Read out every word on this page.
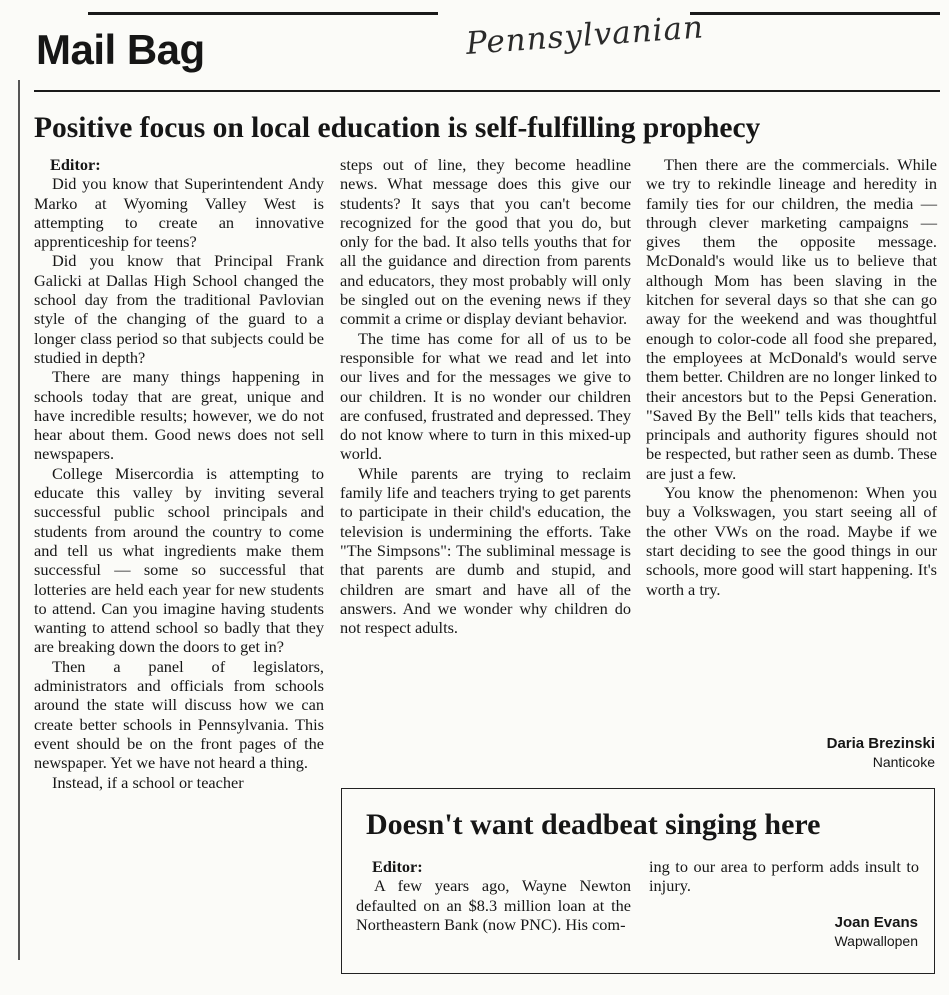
Mail Bag	Pennsylvanian
Positive focus on local education is self-fulfilling prophecy

Editor:

Did you know that Superintendent Andy Marko at Wyoming Valley West is attempting to create an innovative apprenticeship for teens?

Did you know that Principal Frank Galicki at Dallas High School changed the school day from the traditional Pavlovian style of the changing of the guard to a longer class period so that subjects could be studied in depth?

There are many things happening in schools today that are great, unique and have incredible results; however, we do not hear about them. Good news does not sell newspapers.

College Misercordia is attempting to educate this valley by inviting several successful public school principals and students from around the country to come and tell us what ingredients make them successful — some so successful that lotteries are held each year for new students to attend. Can you imagine having students wanting to attend school so badly that they are breaking down the doors to get in?

Then a panel of legislators, administrators and officials from schools around the state will discuss how we can create better schools in Pennsylvania. This event should be on the front pages of the newspaper. Yet we have not heard a thing.

Instead, if a school or teacher

steps out of line, they become headline news. What message does this give our students? It says that you can't become recognized for the good that you do, but only for the bad. It also tells youths that for all the guidance and direction from parents and educators, they most probably will only be singled out on the evening news if they commit a crime or display deviant behavior.

The time has come for all of us to be responsible for what we read and let into our lives and for the messages we give to our children. It is no wonder our children are confused, frustrated and depressed. They do not know where to turn in this mixed-up world.

While parents are trying to reclaim family life and teachers trying to get parents to participate in their child's education, the television is undermining the efforts. Take "The Simpsons": The subliminal message is that parents are dumb and stupid, and children are smart and have all of the answers. And we wonder why children do not respect adults.

Then there are the commercials. While we try to rekindle lineage and heredity in family ties for our children, the media — through clever marketing campaigns — gives them the opposite message. McDonald's would like us to believe that although Mom has been slaving in the kitchen for several days so that she can go away for the weekend and was thoughtful enough to color-code all food she prepared, the employees at McDonald's would serve them better. Children are no longer linked to their ancestors but to the Pepsi Generation. "Saved By the Bell" tells kids that teachers, principals and authority figures should not be respected, but rather seen as dumb. These are just a few.

You know the phenomenon: When you buy a Volkswagen, you start seeing all of the other VWs on the road. Maybe if we start deciding to see the good things in our schools, more good will start happening. It's worth a try.

Daria Brezinski
Nanticoke
Doesn't want deadbeat singing here

Editor:

A few years ago, Wayne Newton defaulted on an $8.3 million loan at the Northeastern Bank (now PNC). His com-

ing to our area to perform adds insult to injury.

Joan Evans
Wapwallopen
